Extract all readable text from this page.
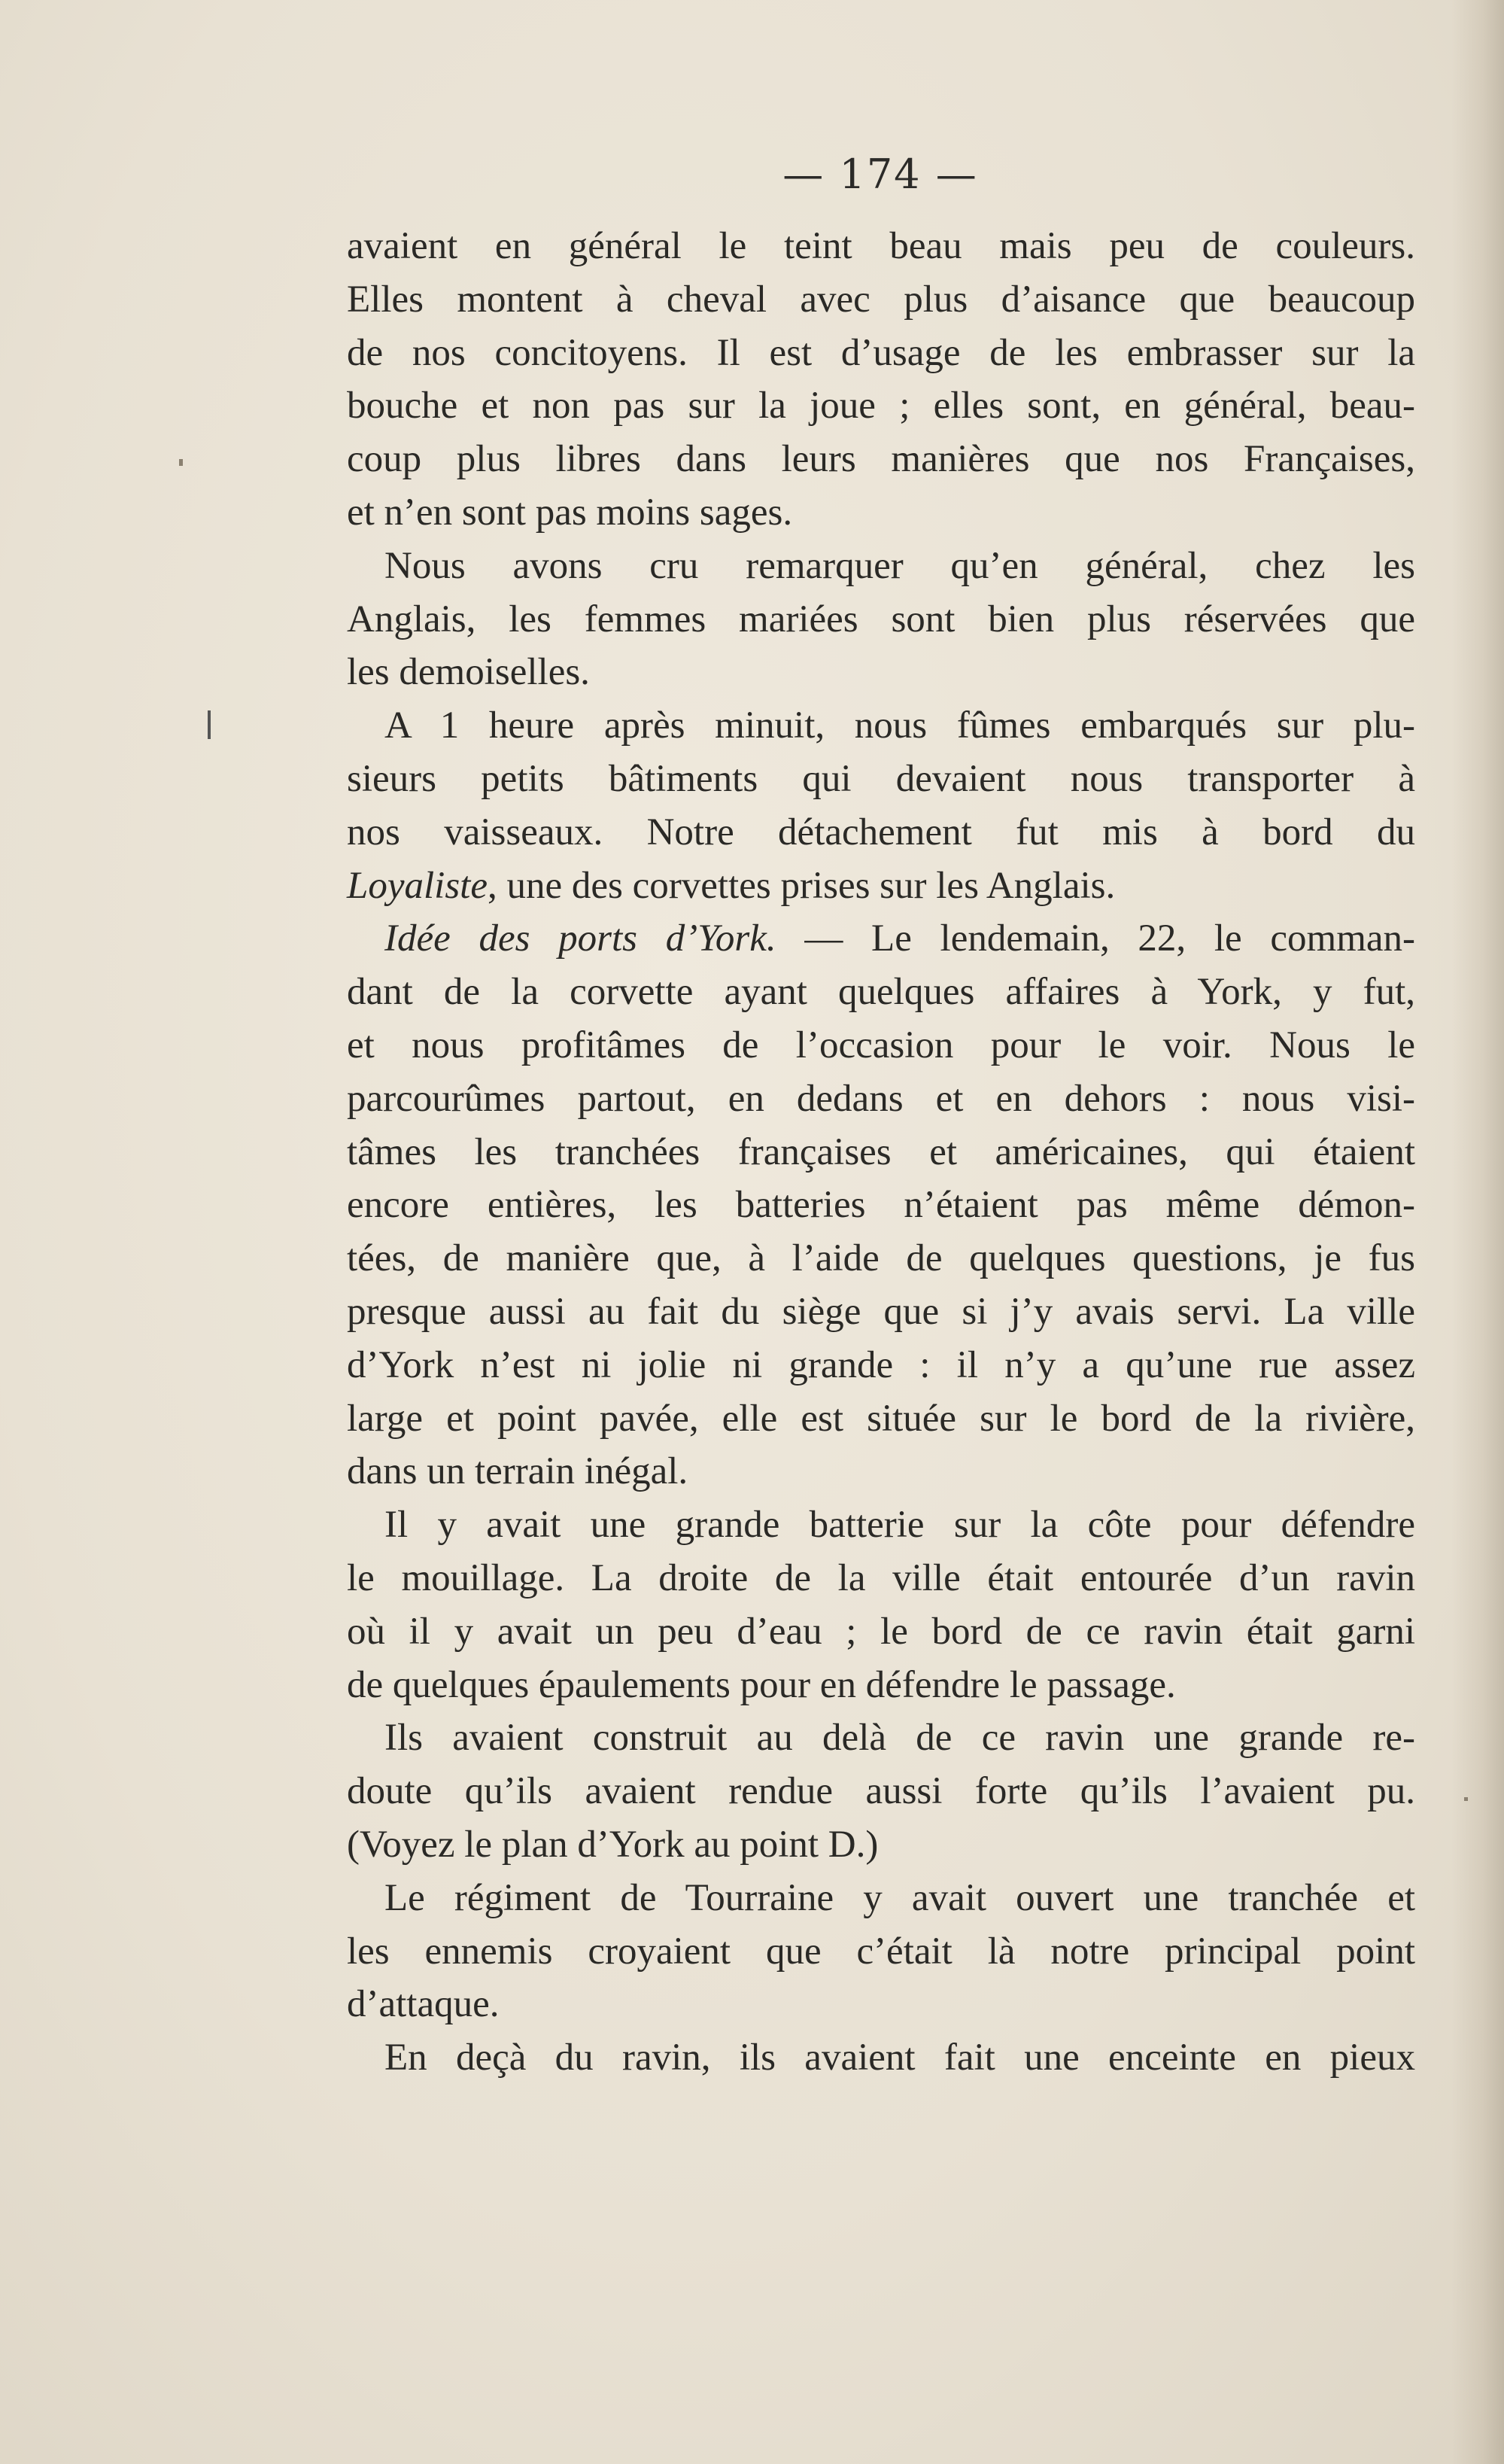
— 174 —
avaient en général le teint beau mais peu de couleurs.
Elles montent à cheval avec plus d’aisance que beaucoup
de nos concitoyens. Il est d’usage de les embrasser sur la
bouche et non pas sur la joue ; elles sont, en général, beau-
coup plus libres dans leurs manières que nos Françaises,
et n’en sont pas moins sages.
Nous avons cru remarquer qu’en général, chez les
Anglais, les femmes mariées sont bien plus réservées que
les demoiselles.
A 1 heure après minuit, nous fûmes embarqués sur plu-
sieurs petits bâtiments qui devaient nous transporter à
nos vaisseaux. Notre détachement fut mis à bord du
Loyaliste, une des corvettes prises sur les Anglais.
Idée des ports d’York. — Le lendemain, 22, le comman-
dant de la corvette ayant quelques affaires à York, y fut,
et nous profitâmes de l’occasion pour le voir. Nous le
parcourûmes partout, en dedans et en dehors : nous visi-
tâmes les tranchées françaises et américaines, qui étaient
encore entières, les batteries n’étaient pas même démon-
tées, de manière que, à l’aide de quelques questions, je fus
presque aussi au fait du siège que si j’y avais servi. La ville
d’York n’est ni jolie ni grande : il n’y a qu’une rue assez
large et point pavée, elle est située sur le bord de la rivière,
dans un terrain inégal.
Il y avait une grande batterie sur la côte pour défendre
le mouillage. La droite de la ville était entourée d’un ravin
où il y avait un peu d’eau ; le bord de ce ravin était garni
de quelques épaulements pour en défendre le passage.
Ils avaient construit au delà de ce ravin une grande re-
doute qu’ils avaient rendue aussi forte qu’ils l’avaient pu.
(Voyez le plan d’York au point D.)
Le régiment de Tourraine y avait ouvert une tranchée et
les ennemis croyaient que c’était là notre principal point
d’attaque.
En deçà du ravin, ils avaient fait une enceinte en pieux
